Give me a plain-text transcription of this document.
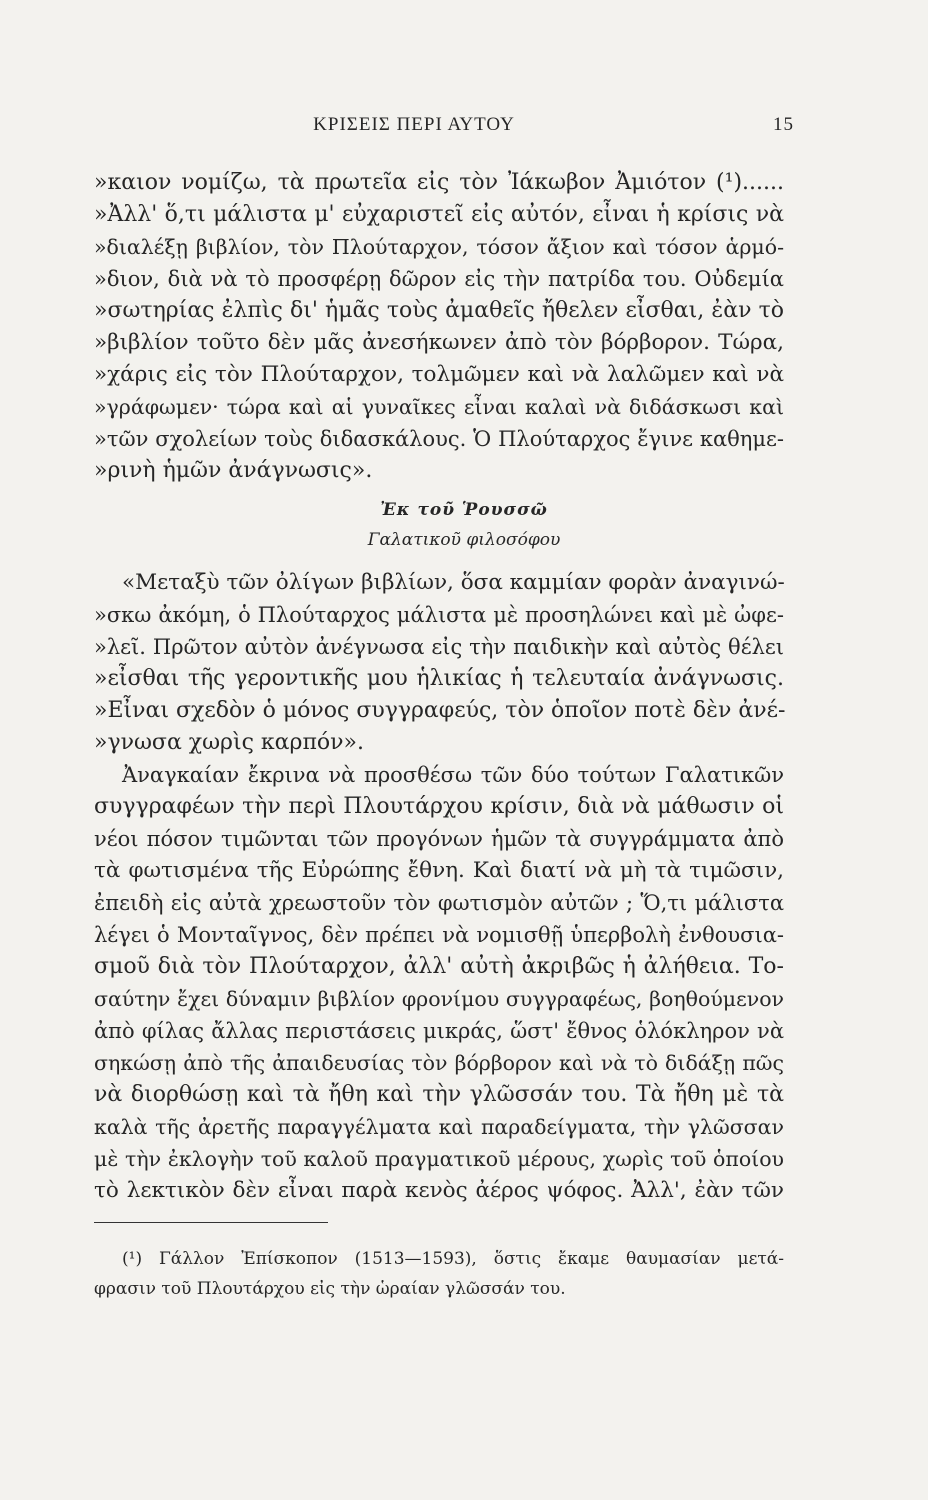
ΚΡΙΣΕΙΣ ΠΕΡΙ ΑΥΤΟΥ	15
»καιον νομίζω, τὰ πρωτεῖα εἰς τὸν Ἰάκωβον Ἀμιότον (¹)......
»Ἀλλ' ὅ,τι μάλιστα μ' εὐχαριστεῖ εἰς αὐτόν, εἶναι ἡ κρίσις νὰ
»διαλέξῃ βιβλίον, τὸν Πλούταρχον, τόσον ἄξιον καὶ τόσον ἁρμό-
»διον, διὰ νὰ τὸ προσφέρῃ δῶρον εἰς τὴν πατρίδα του. Οὐδεμία
»σωτηρίας ἐλπὶς δι' ἡμᾶς τοὺς ἀμαθεῖς ἤθελεν εἶσθαι, ἐὰν τὸ
»βιβλίον τοῦτο δὲν μᾶς ἀνεσήκωνεν ἀπὸ τὸν βόρβορον. Τώρα,
»χάρις εἰς τὸν Πλούταρχον, τολμῶμεν καὶ νὰ λαλῶμεν καὶ νὰ
»γράφωμεν· τώρα καὶ αἱ γυναῖκες εἶναι καλαὶ νὰ διδάσκωσι καὶ
»τῶν σχολείων τοὺς διδασκάλους. Ὁ Πλούταρχος ἔγινε καθημε-
»ρινὴ ἡμῶν ἀνάγνωσις».
Ἐκ τοῦ Ῥουσσῶ
Γαλατικοῦ φιλοσόφου
«Μεταξὺ τῶν ὀλίγων βιβλίων, ὅσα καμμίαν φορὰν ἀναγινώ-
»σκω ἀκόμη, ὁ Πλούταρχος μάλιστα μὲ προσηλώνει καὶ μὲ ὠφε-
»λεῖ. Πρῶτον αὐτὸν ἀνέγνωσα εἰς τὴν παιδικὴν καὶ αὐτὸς θέλει
»εἶσθαι τῆς γεροντικῆς μου ἡλικίας ἡ τελευταία ἀνάγνωσις.
»Εἶναι σχεδὸν ὁ μόνος συγγραφεύς, τὸν ὁποῖον ποτὲ δὲν ἀνέ-
»γνωσα χωρὶς καρπόν».
Ἀναγκαίαν ἔκρινα νὰ προσθέσω τῶν δύο τούτων Γαλατικῶν
συγγραφέων τὴν περὶ Πλουτάρχου κρίσιν, διὰ νὰ μάθωσιν οἱ
νέοι πόσον τιμῶνται τῶν προγόνων ἡμῶν τὰ συγγράμματα ἀπὸ
τὰ φωτισμένα τῆς Εὐρώπης ἔθνη. Καὶ διατί νὰ μὴ τὰ τιμῶσιν,
ἐπειδὴ εἰς αὐτὰ χρεωστοῦν τὸν φωτισμὸν αὐτῶν ; Ὅ,τι μάλιστα
λέγει ὁ Μονταῖγνος, δὲν πρέπει νὰ νομισθῇ ὑπερβολὴ ἐνθουσια-
σμοῦ διὰ τὸν Πλούταρχον, ἀλλ' αὐτὴ ἀκριβῶς ἡ ἀλήθεια. Το-
σαύτην ἔχει δύναμιν βιβλίον φρονίμου συγγραφέως, βοηθούμενον
ἀπὸ φίλας ἄλλας περιστάσεις μικράς, ὥστ' ἔθνος ὁλόκληρον νὰ
σηκώσῃ ἀπὸ τῆς ἀπαιδευσίας τὸν βόρβορον καὶ νὰ τὸ διδάξῃ πῶς
νὰ διορθώσῃ καὶ τὰ ἤθη καὶ τὴν γλῶσσάν του. Τὰ ἤθη μὲ τὰ
καλὰ τῆς ἀρετῆς παραγγέλματα καὶ παραδείγματα, τὴν γλῶσσαν
μὲ τὴν ἐκλογὴν τοῦ καλοῦ πραγματικοῦ μέρους, χωρὶς τοῦ ὁποίου
τὸ λεκτικὸν δὲν εἶναι παρὰ κενὸς ἀέρος ψόφος. Ἀλλ', ἐὰν τῶν
(¹) Γάλλον Ἐπίσκοπον (1513—1593), ὅστις ἔκαμε θαυμασίαν μετά-
φρασιν τοῦ Πλουτάρχου εἰς τὴν ὡραίαν γλῶσσάν του.
